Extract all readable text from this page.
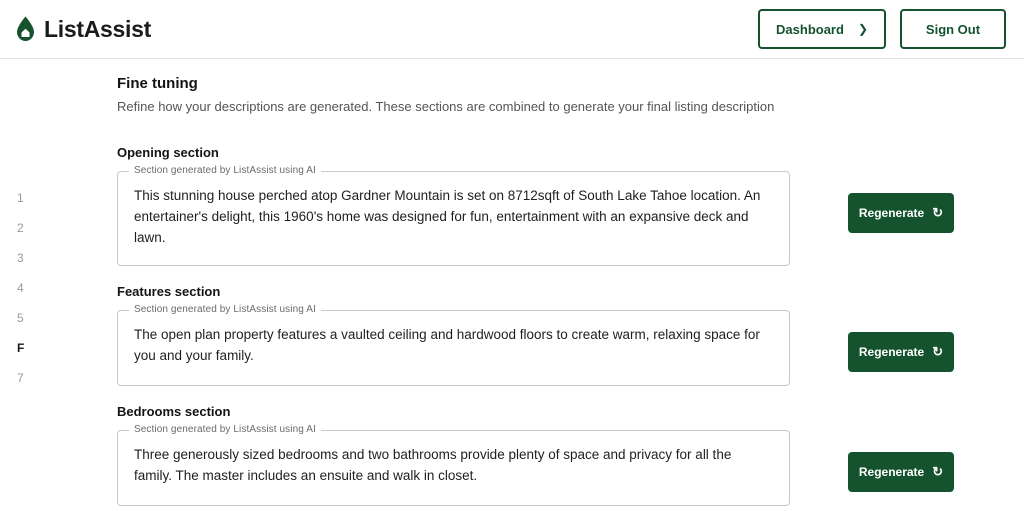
ListAssist	Dashboard ❯	Sign Out
1
2
3
4
5
F
7
Fine tuning

Refine how your descriptions are generated. These sections are combined to generate your final listing description

Opening section
Section generated by ListAssist using AI
This stunning house perched atop Gardner Mountain is set on 8712sqft of South Lake Tahoe location. An entertainer's delight, this 1960's home was designed for fun, entertainment with an expansive deck and lawn.
Regenerate ↻
Features section
Section generated by ListAssist using AI
The open plan property features a vaulted ceiling and hardwood floors to create warm, relaxing space for you and your family.	Regenerate ↻
Bedrooms section
Section generated by ListAssist using AI
Three generously sized bedrooms and two bathrooms provide plenty of space and privacy for all the family. The master includes an ensuite and walk in closet.	Regenerate ↻
